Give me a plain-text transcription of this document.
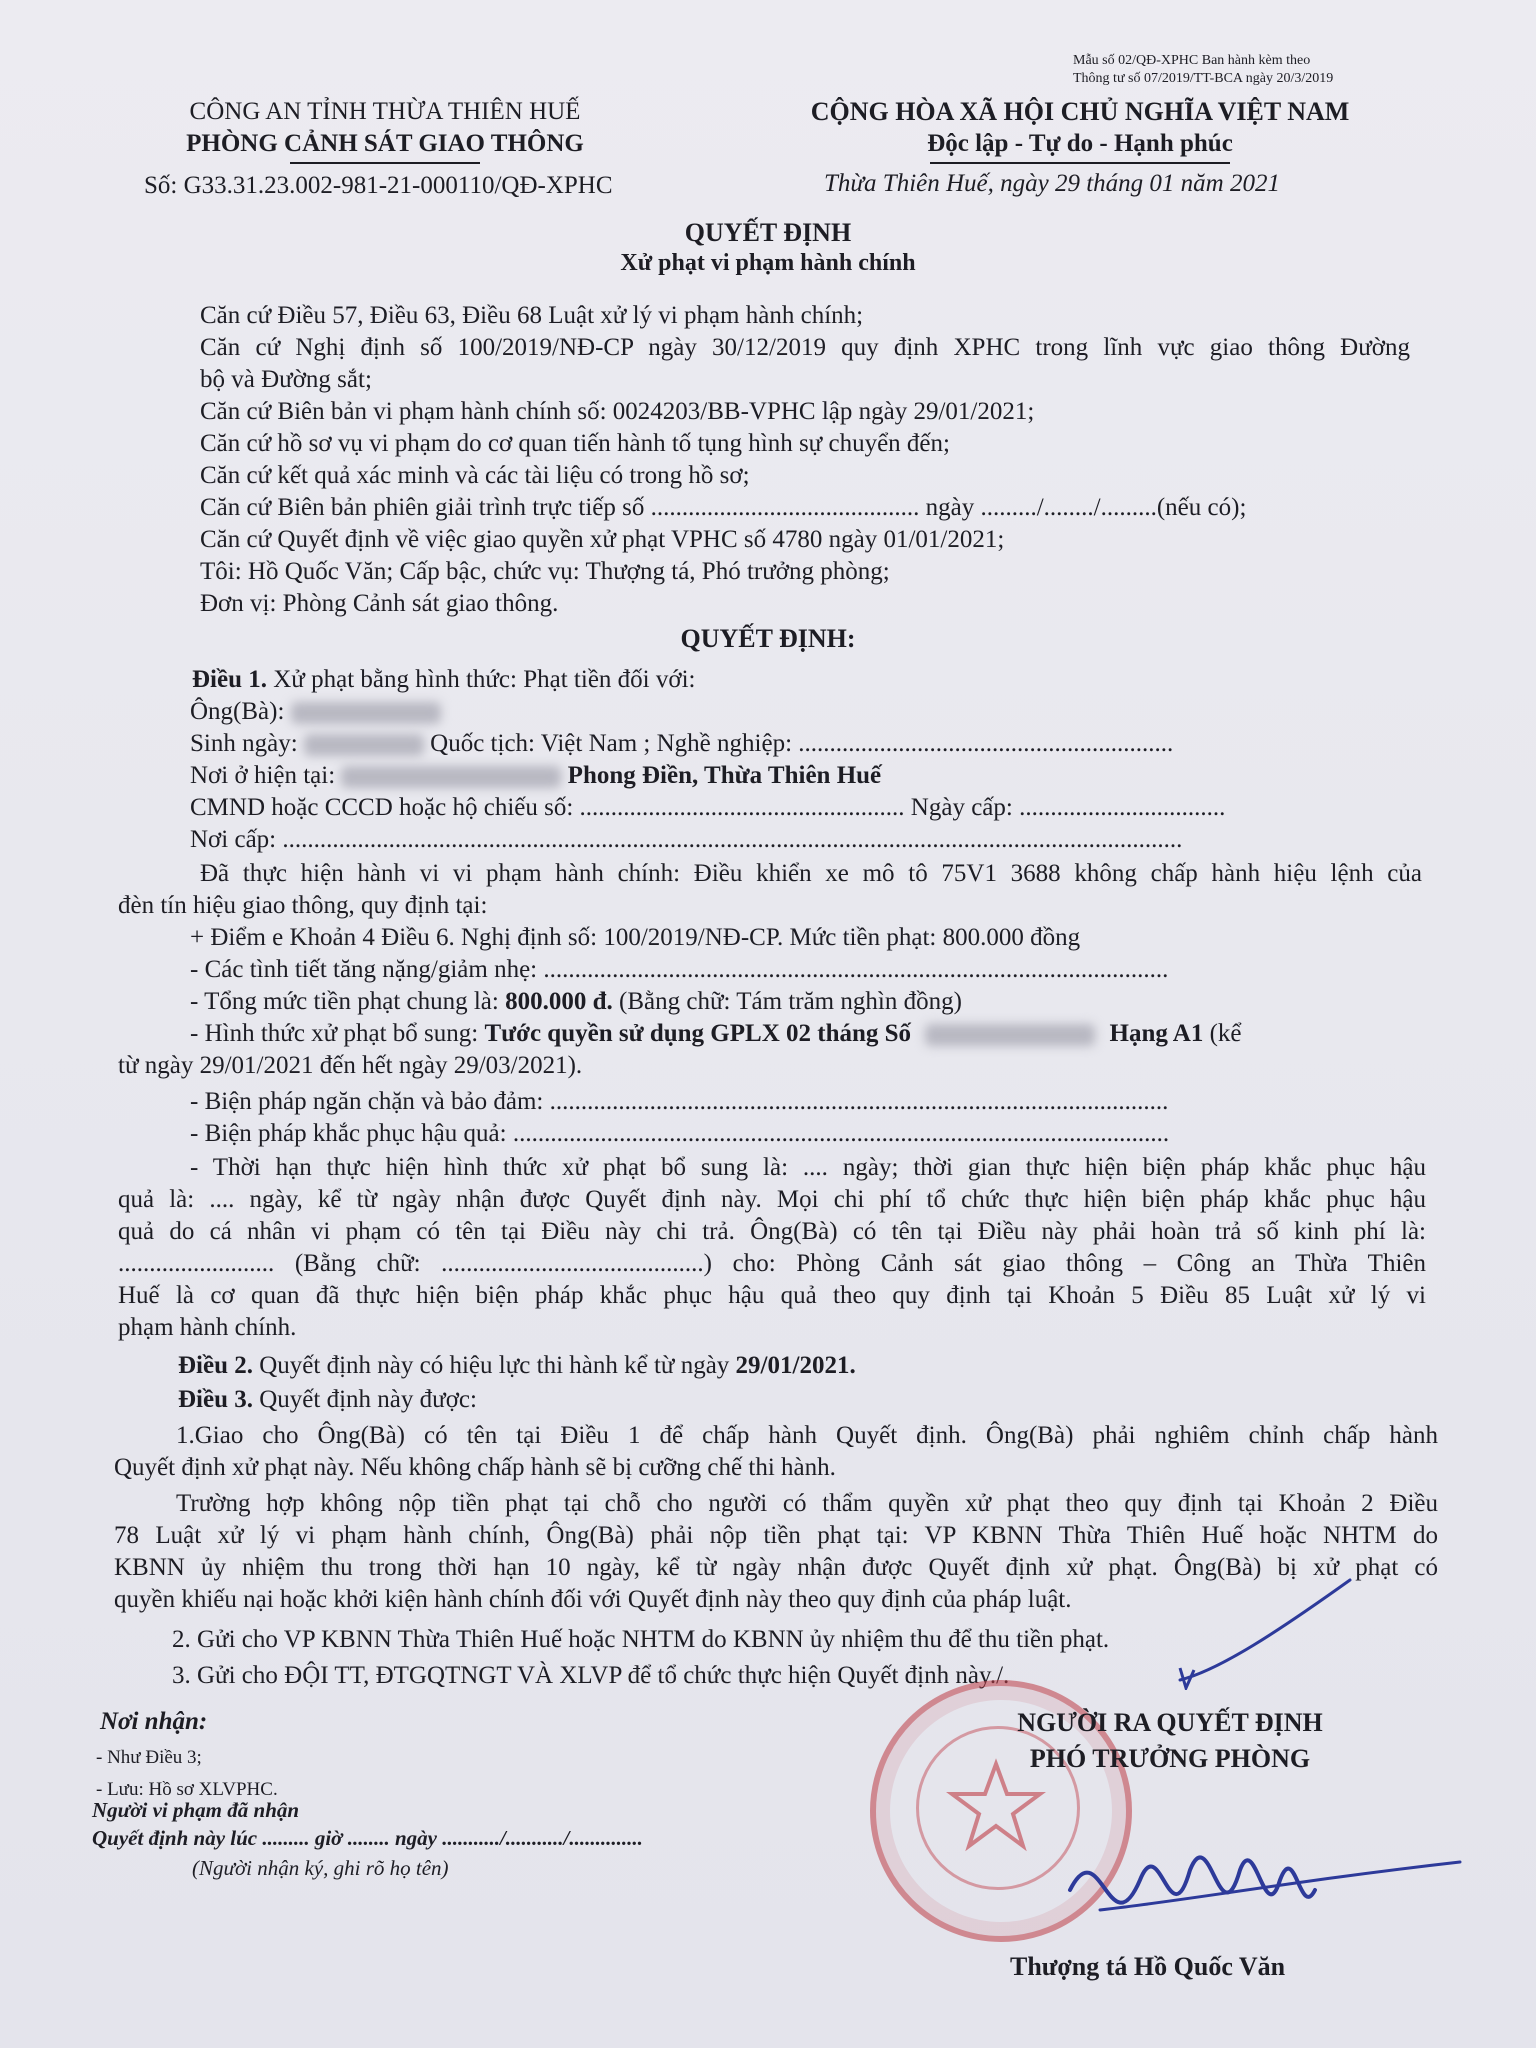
Mẫu số 02/QĐ-XPHC Ban hành kèm theo
Thông tư số 07/2019/TT-BCA ngày 20/3/2019
CÔNG AN TỈNH THỪA THIÊN HUẾ
PHÒNG CẢNH SÁT GIAO THÔNG
Số: G33.31.23.002-981-21-000110/QĐ-XPHC
CỘNG HÒA XÃ HỘI CHỦ NGHĨA VIỆT NAM
Độc lập - Tự do - Hạnh phúc
Thừa Thiên Huế, ngày 29 tháng 01 năm 2021
QUYẾT ĐỊNH
Xử phạt vi phạm hành chính
Căn cứ Điều 57, Điều 63, Điều 68 Luật xử lý vi phạm hành chính;
Căn cứ Nghị định số 100/2019/NĐ-CP ngày 30/12/2019 quy định XPHC trong lĩnh vực giao thông Đường
bộ và Đường sắt;
Căn cứ Biên bản vi phạm hành chính số: 0024203/BB-VPHC lập ngày 29/01/2021;
Căn cứ hồ sơ vụ vi phạm do cơ quan tiến hành tố tụng hình sự chuyển đến;
Căn cứ kết quả xác minh và các tài liệu có trong hồ sơ;
Căn cứ Biên bản phiên giải trình trực tiếp số ........................................... ngày ........./......../.........(nếu có);
Căn cứ Quyết định về việc giao quyền xử phạt VPHC số 4780 ngày 01/01/2021;
Tôi: Hồ Quốc Văn; Cấp bậc, chức vụ: Thượng tá, Phó trưởng phòng;
Đơn vị: Phòng Cảnh sát giao thông.
QUYẾT ĐỊNH:
Điều 1. Xử phạt bằng hình thức: Phạt tiền đối với:
Ông(Bà):
Sinh ngày:	Quốc tịch: Việt Nam ; Nghề nghiệp: ............................................................
Nơi ở hiện tại:	Phong Điền, Thừa Thiên Huế
CMND hoặc CCCD hoặc hộ chiếu số: .................................................... Ngày cấp: .................................
Nơi cấp: ................................................................................................................................................
Đã thực hiện hành vi vi phạm hành chính: Điều khiển xe mô tô 75V1 3688 không chấp hành hiệu lệnh của
đèn tín hiệu giao thông, quy định tại:
+ Điểm e Khoản 4 Điều 6. Nghị định số: 100/2019/NĐ-CP. Mức tiền phạt: 800.000 đồng
- Các tình tiết tăng nặng/giảm nhẹ: ....................................................................................................
- Tổng mức tiền phạt chung là: 800.000 đ. (Bằng chữ: Tám trăm nghìn đồng)
- Hình thức xử phạt bổ sung: Tước quyền sử dụng GPLX 02 tháng Số	Hạng A1 (kể
từ ngày 29/01/2021 đến hết ngày 29/03/2021).
- Biện pháp ngăn chặn và bảo đảm: ...................................................................................................
- Biện pháp khắc phục hậu quả: .........................................................................................................
- Thời hạn thực hiện hình thức xử phạt bổ sung là: .... ngày; thời gian thực hiện biện pháp khắc phục hậu
quả là: .... ngày, kể từ ngày nhận được Quyết định này. Mọi chi phí tổ chức thực hiện biện pháp khắc phục hậu
quả do cá nhân vi phạm có tên tại Điều này chi trả. Ông(Bà) có tên tại Điều này phải hoàn trả số kinh phí là:
......................... (Bằng chữ: ..........................................) cho: Phòng Cảnh sát giao thông – Công an Thừa Thiên
Huế là cơ quan đã thực hiện biện pháp khắc phục hậu quả theo quy định tại Khoản 5 Điều 85 Luật xử lý vi
phạm hành chính.
Điều 2. Quyết định này có hiệu lực thi hành kể từ ngày 29/01/2021.
Điều 3. Quyết định này được:
1.Giao cho Ông(Bà) có tên tại Điều 1 để chấp hành Quyết định. Ông(Bà) phải nghiêm chỉnh chấp hành
Quyết định xử phạt này. Nếu không chấp hành sẽ bị cưỡng chế thi hành.
Trường hợp không nộp tiền phạt tại chỗ cho người có thẩm quyền xử phạt theo quy định tại Khoản 2 Điều
78 Luật xử lý vi phạm hành chính, Ông(Bà) phải nộp tiền phạt tại: VP KBNN Thừa Thiên Huế hoặc NHTM do
KBNN ủy nhiệm thu trong thời hạn 10 ngày, kể từ ngày nhận được Quyết định xử phạt. Ông(Bà) bị xử phạt có
quyền khiếu nại hoặc khởi kiện hành chính đối với Quyết định này theo quy định của pháp luật.
2. Gửi cho VP KBNN Thừa Thiên Huế hoặc NHTM do KBNN ủy nhiệm thu để thu tiền phạt.
3. Gửi cho ĐỘI TT, ĐTGQTNGT VÀ XLVP để tổ chức thực hiện Quyết định này./.
Nơi nhận:
- Như Điều 3;
- Lưu: Hồ sơ XLVPHC.
Người vi phạm đã nhận
Quyết định này lúc ......... giờ ........ ngày .........../.........../..............
(Người nhận ký, ghi rõ họ tên)
NGƯỜI RA QUYẾT ĐỊNH
PHÓ TRƯỞNG PHÒNG
Thượng tá Hồ Quốc Văn
